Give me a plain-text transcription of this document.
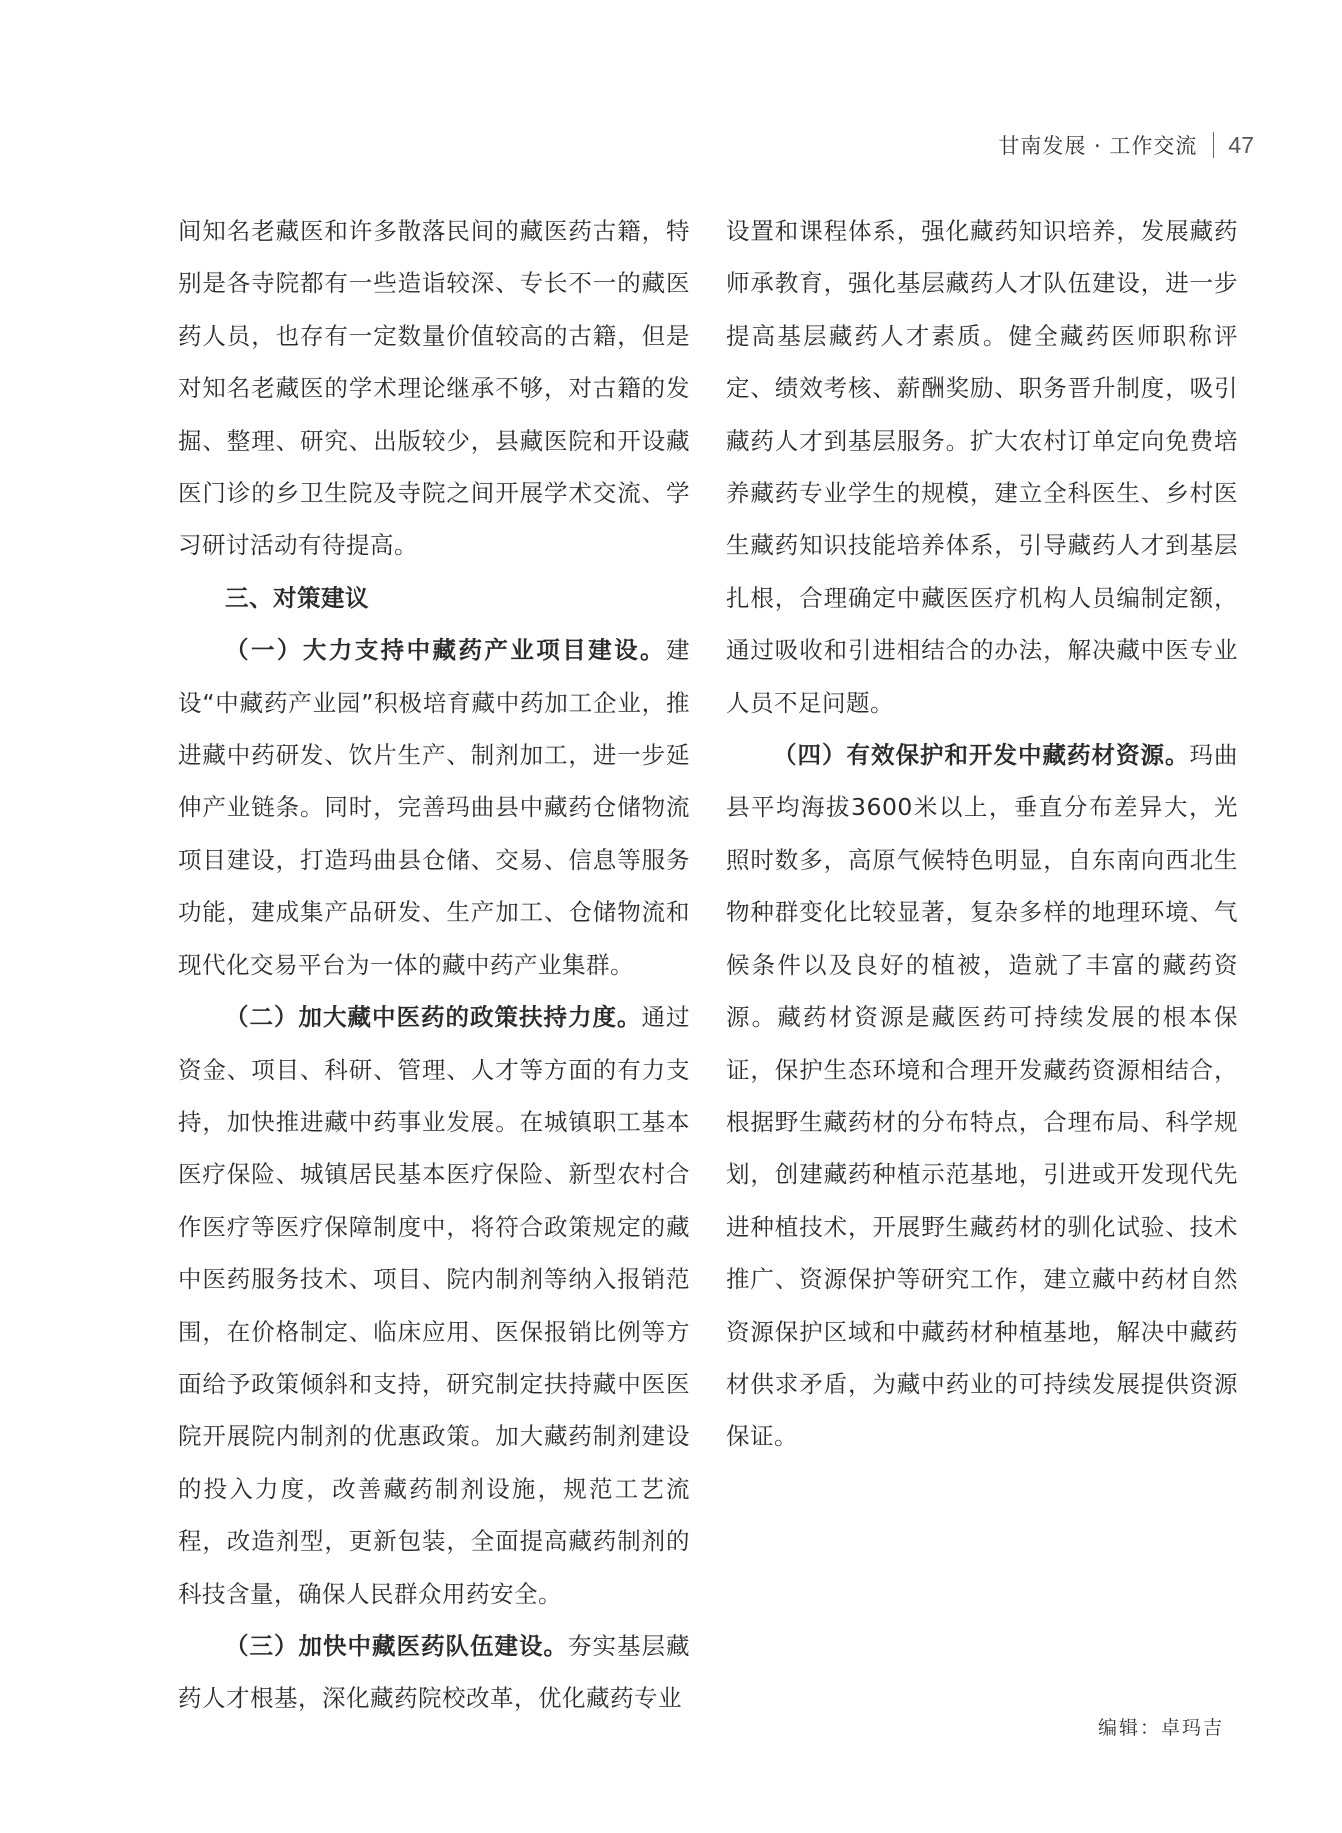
甘南发展 · 工作交流 47

间知名老藏医和许多散落民间的藏医药古籍，特别是各寺院都有一些造诣较深、专长不一的藏医药人员，也存有一定数量价值较高的古籍，但是对知名老藏医的学术理论继承不够，对古籍的发掘、整理、研究、出版较少，县藏医院和开设藏医门诊的乡卫生院及寺院之间开展学术交流、学习研讨活动有待提高。

三、对策建议

（一）大力支持中藏药产业项目建设。建设“中藏药产业园”积极培育藏中药加工企业，推进藏中药研发、饮片生产、制剂加工，进一步延伸产业链条。同时，完善玛曲县中藏药仓储物流项目建设，打造玛曲县仓储、交易、信息等服务功能，建成集产品研发、生产加工、仓储物流和现代化交易平台为一体的藏中药产业集群。

（二）加大藏中医药的政策扶持力度。通过资金、项目、科研、管理、人才等方面的有力支持，加快推进藏中药事业发展。在城镇职工基本医疗保险、城镇居民基本医疗保险、新型农村合作医疗等医疗保障制度中，将符合政策规定的藏中医药服务技术、项目、院内制剂等纳入报销范围，在价格制定、临床应用、医保报销比例等方面给予政策倾斜和支持，研究制定扶持藏中医医院开展院内制剂的优惠政策。加大藏药制剂建设的投入力度，改善藏药制剂设施，规范工艺流程，改造剂型，更新包装，全面提高藏药制剂的科技含量，确保人民群众用药安全。

（三）加快中藏医药队伍建设。夯实基层藏药人才根基，深化藏药院校改革，优化藏药专业

设置和课程体系，强化藏药知识培养，发展藏药师承教育，强化基层藏药人才队伍建设，进一步提高基层藏药人才素质。健全藏药医师职称评定、绩效考核、薪酬奖励、职务晋升制度，吸引藏药人才到基层服务。扩大农村订单定向免费培养藏药专业学生的规模，建立全科医生、乡村医生藏药知识技能培养体系，引导藏药人才到基层扎根，合理确定中藏医医疗机构人员编制定额，通过吸收和引进相结合的办法，解决藏中医专业人员不足问题。

（四）有效保护和开发中藏药材资源。玛曲县平均海拔3600米以上，垂直分布差异大，光照时数多，高原气候特色明显，自东南向西北生物种群变化比较显著，复杂多样的地理环境、气候条件以及良好的植被，造就了丰富的藏药资源。藏药材资源是藏医药可持续发展的根本保证，保护生态环境和合理开发藏药资源相结合，根据野生藏药材的分布特点，合理布局、科学规划，创建藏药种植示范基地，引进或开发现代先进种植技术，开展野生藏药材的驯化试验、技术推广、资源保护等研究工作，建立藏中药材自然资源保护区域和中藏药材种植基地，解决中藏药材供求矛盾，为藏中药业的可持续发展提供资源保证。

编辑：卓玛吉
